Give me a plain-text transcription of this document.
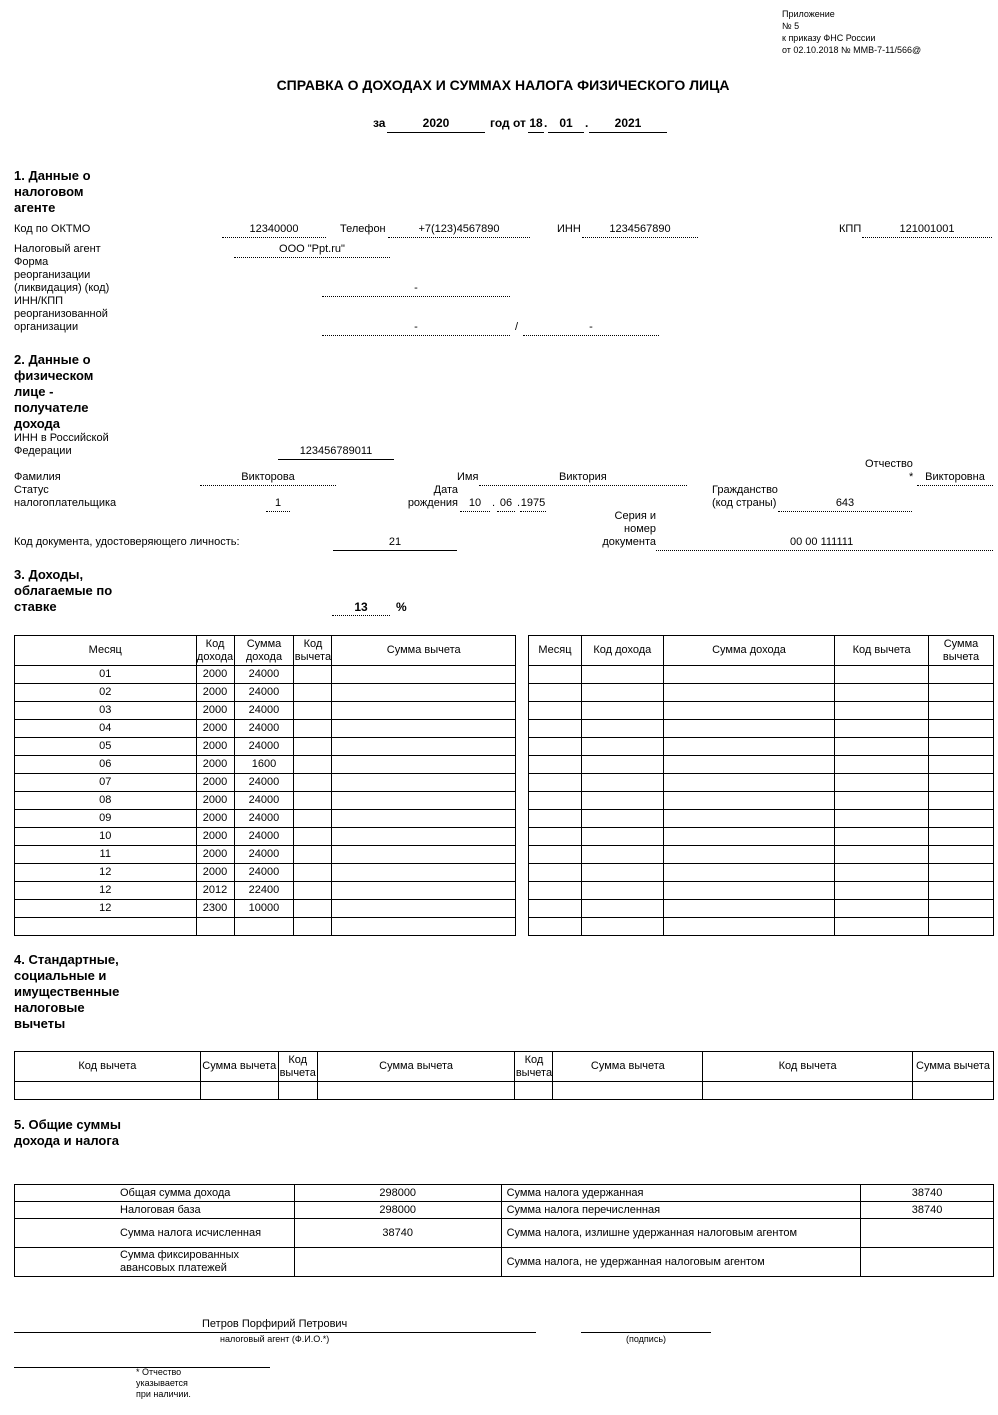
Приложение
№ 5
к приказу ФНС России
от 02.10.2018 № ММВ-7-11/566@
СПРАВКА О ДОХОДАХ И СУММАХ НАЛОГА ФИЗИЧЕСКОГО ЛИЦА
за	2020	год от 18 . 01	.	2021
1. Данные о налоговом агенте
Код по ОКТМО	12340000	Телефон	+7(123)4567890	ИНН	1234567890	КПП	121001001
Налоговый агент	ООО "Ppt.ru"
Форма реорганизации (ликвидация) (код)	-
ИНН/КПП реорганизованной организации	-	/	-
2. Данные о физическом лице - получателе дохода
ИНН в Российской Федерации	123456789011
Фамилия	Викторова	Имя	Виктория
Отчество
*	Викторовна
Статус налогоплательщика	1
Дата рождения 10 . 06 . 1975
Гражданство (код страны)	643
Код документа, удостоверяющего личность:	21
Серия и номер документа	00 00 111111
3. Доходы, облагаемые по ставке	13	%
Месяц	Код дохода	Сумма дохода	Код вычета	Сумма вычета
01	2000	24000		
02	2000	24000		
03	2000	24000		
04	2000	24000		
05	2000	24000		
06	2000	1600		
07	2000	24000		
08	2000	24000		
09	2000	24000		
10	2000	24000		
11	2000	24000		
12	2000	24000		
12	2012	22400		
12	2300	10000		

Месяц	Код дохода	Сумма дохода	Код вычета	Сумма вычета

4. Стандартные, социальные и имущественные налоговые вычеты
Код вычета	Сумма вычета	Код вычета	Сумма вычета	Код вычета	Сумма вычета	Код вычета	Сумма вычета

5. Общие суммы дохода и налога
Общая сумма дохода	298000	Сумма налога удержанная	38740
Налоговая база	298000	Сумма налога перечисленная	38740
Сумма налога исчисленная	38740	Сумма налога, излишне удержанная налоговым агентом	
Сумма фиксированных авансовых платежей		Сумма налога, не удержанная налоговым агентом	
Петров Порфирий Петрович
налоговый агент (Ф.И.О.*)	(подпись)
* Отчество указывается при наличии.
